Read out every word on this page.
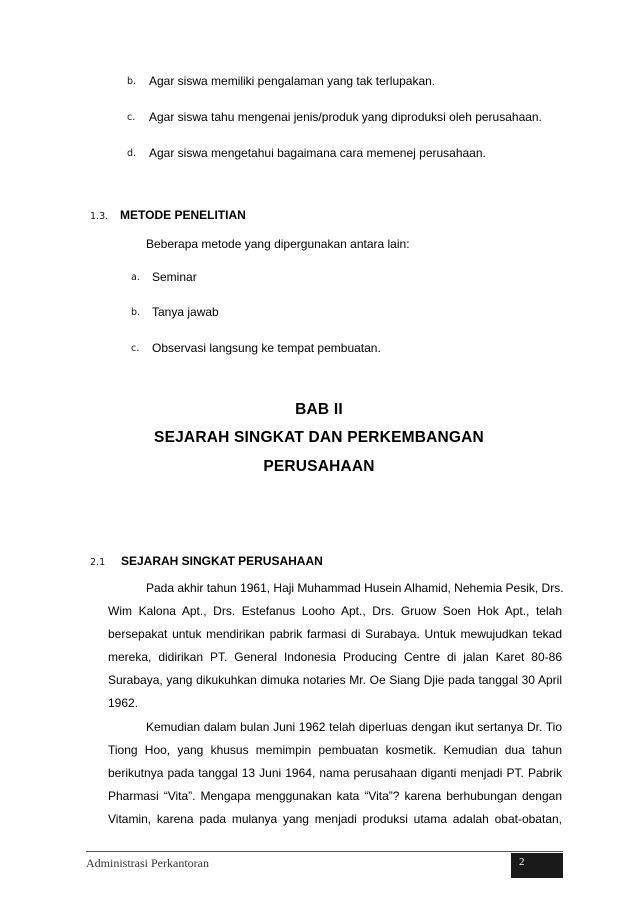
b. Agar siswa memiliki pengalaman yang tak terlupakan.
c. Agar siswa tahu mengenai jenis/produk yang diproduksi oleh perusahaan.
d. Agar siswa mengetahui bagaimana cara memenej perusahaan.
1.3. METODE PENELITIAN
Beberapa metode yang dipergunakan antara lain:
a. Seminar
b. Tanya jawab
c. Observasi langsung ke tempat pembuatan.
BAB II
SEJARAH SINGKAT DAN PERKEMBANGAN
PERUSAHAAN
2.1 SEJARAH SINGKAT PERUSAHAAN
Pada akhir tahun 1961, Haji Muhammad Husein Alhamid, Nehemia Pesik, Drs.
Wim Kalona Apt., Drs. Estefanus Looho Apt., Drs. Gruow Soen Hok Apt., telah
bersepakat untuk mendirikan pabrik farmasi di Surabaya. Untuk mewujudkan tekad
mereka, didirikan PT. General Indonesia Producing Centre di jalan Karet 80-86
Surabaya, yang dikukuhkan dimuka notaries Mr. Oe Siang Djie pada tanggal 30 April
1962.
Kemudian dalam bulan Juni 1962 telah diperluas dengan ikut sertanya Dr. Tio
Tiong Hoo, yang khusus memimpin pembuatan kosmetik. Kemudian dua tahun
berikutnya pada tanggal 13 Juni 1964, nama perusahaan diganti menjadi PT. Pabrik
Pharmasi “Vita”. Mengapa menggunakan kata “Vita”? karena berhubungan dengan
Vitamin, karena pada mulanya yang menjadi produksi utama adalah obat-obatan,
Administrasi Perkantoran	2
